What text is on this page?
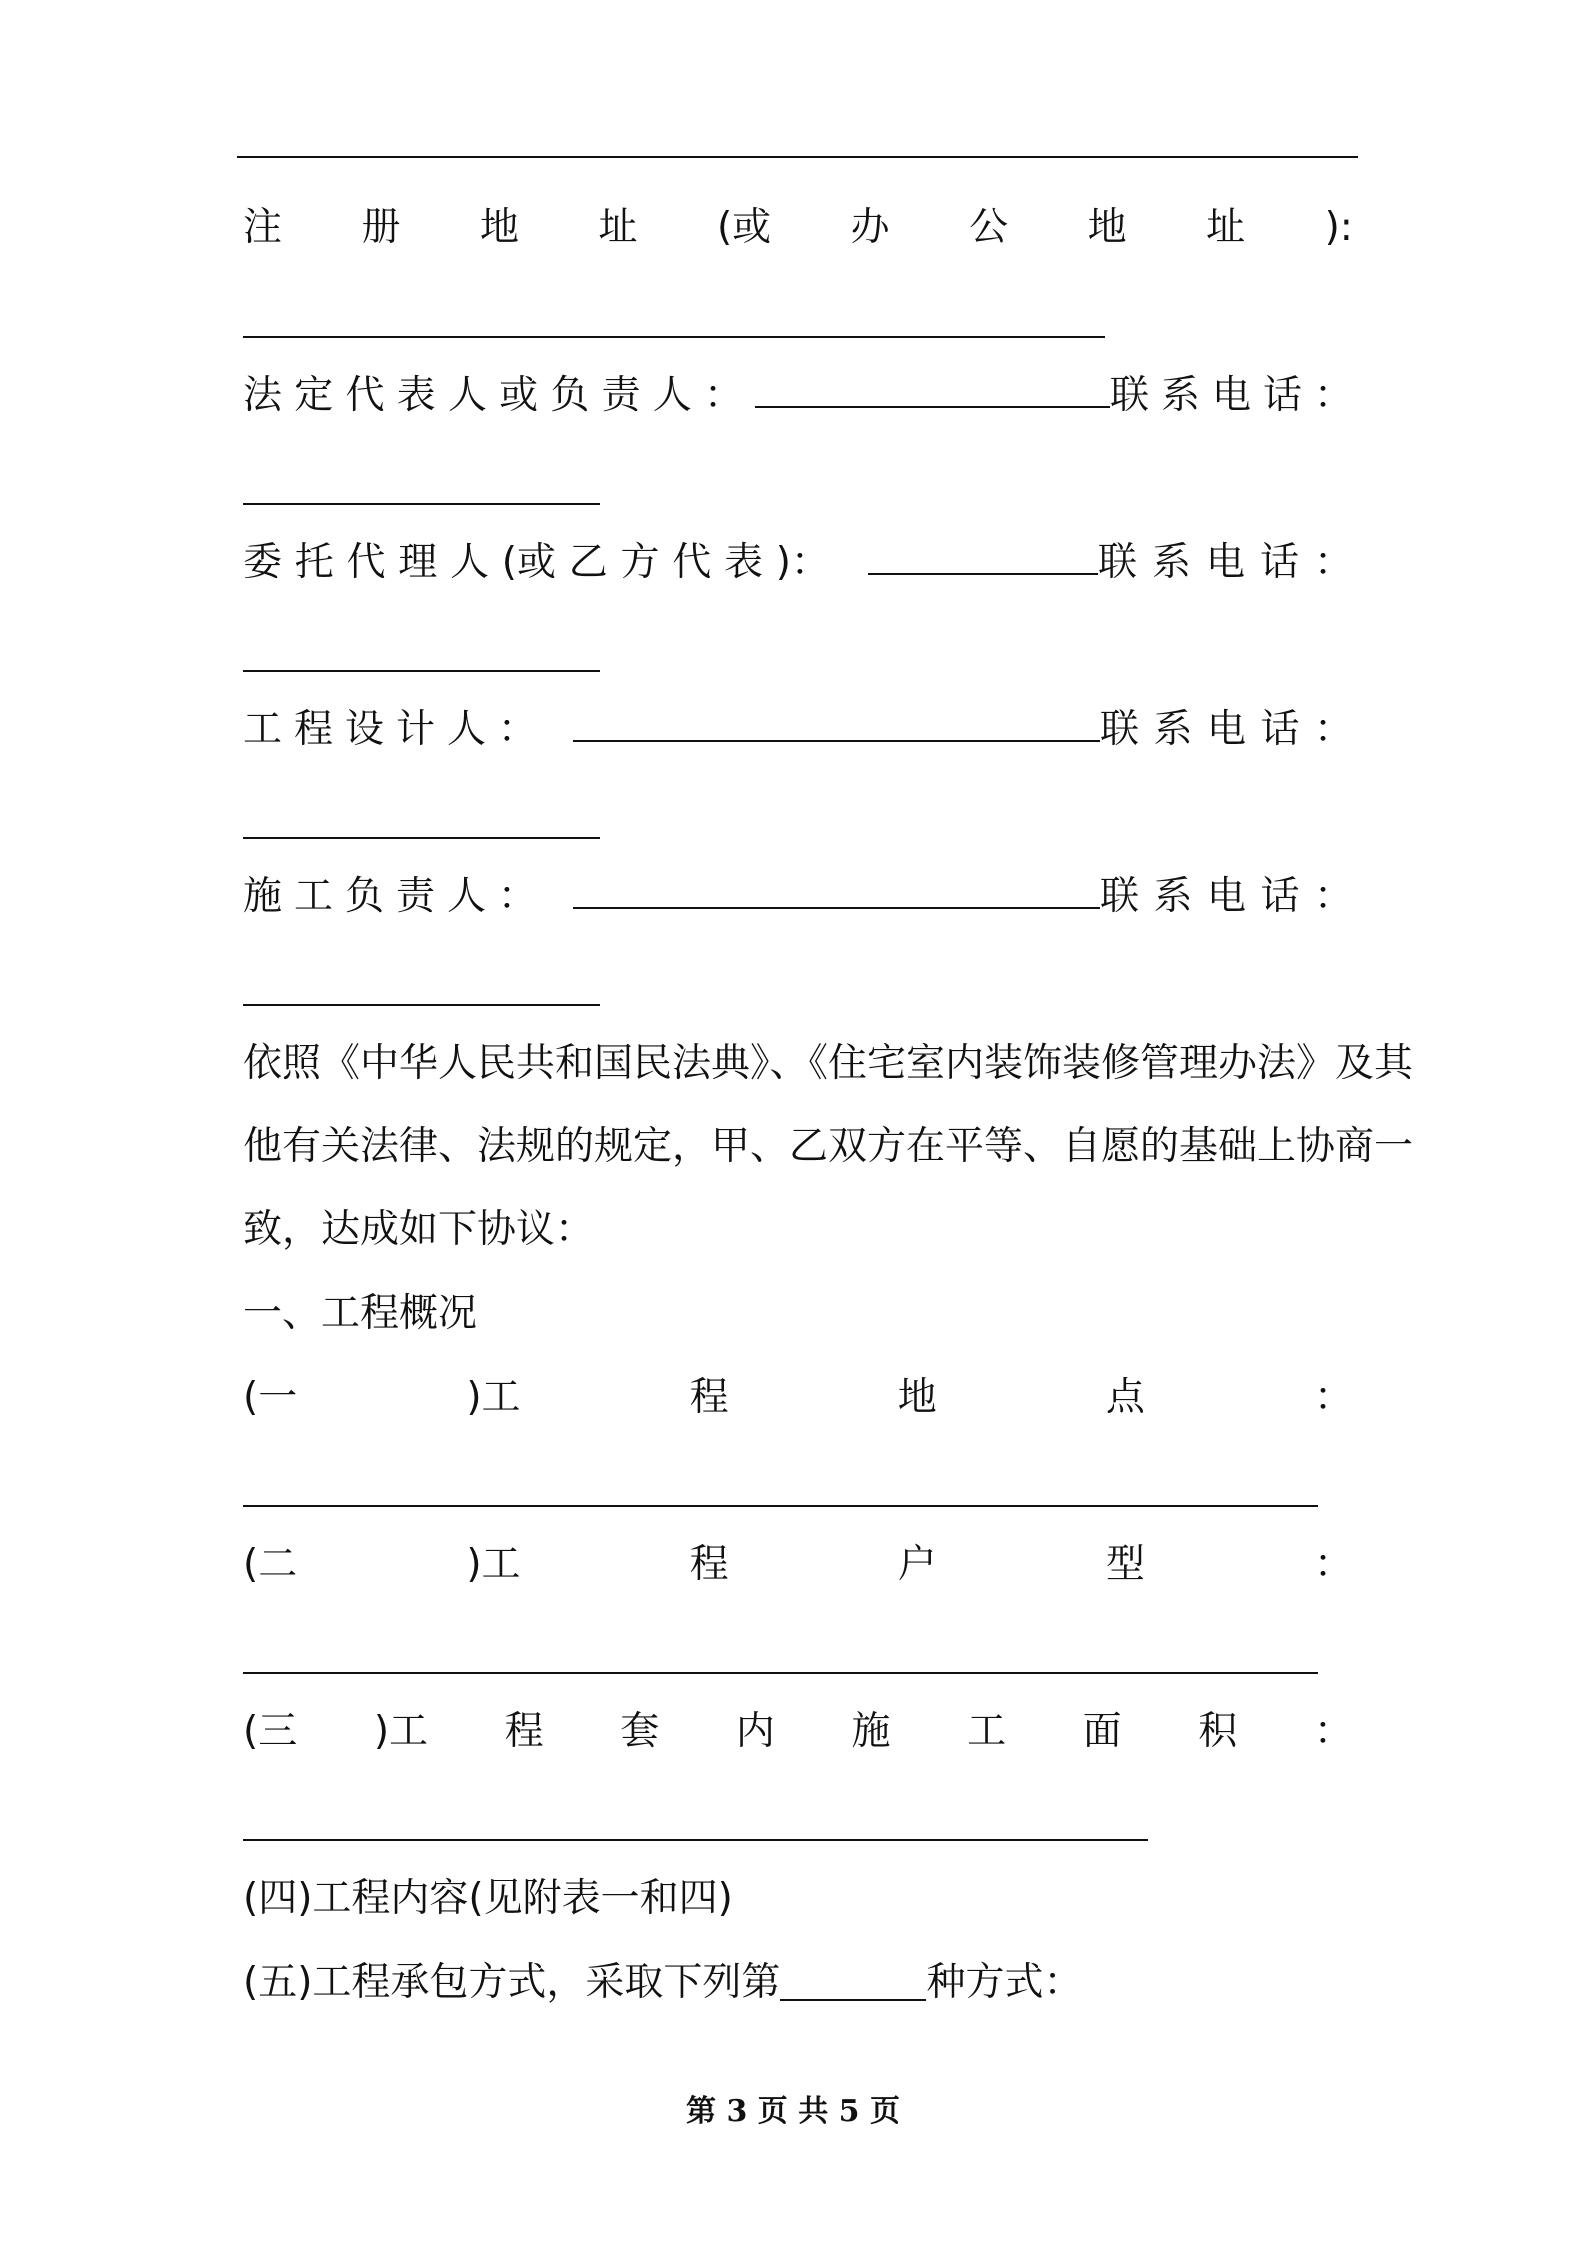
注 册 地 址 (或 办 公 地 址 ):
法 定 代 表 人 或 负 责 人 ：	联 系 电 话 ：
委 托 代 理 人 (或 乙 方 代 表 )：	联 系 电 话 ：
工 程 设 计 人 ：	联 系 电 话 ：
施 工 负 责 人 ：	联 系 电 话 ：
依照《中华人民共和国民法典》、《住宅室内装饰装修管理办法》及其
他有关法律、法规的规定，甲、乙双方在平等、自愿的基础上协商一
致，达成如下协议：
一、工程概况
(一	)工	程	地	点	：
(二	)工	程	户	型	：
(三 )工 程 套 内 施 工 面 积 ：
(四)工程内容(见附表一和四)
(五)工程承包方式，采取下列第	种方式：
第 3 页 共 5 页
